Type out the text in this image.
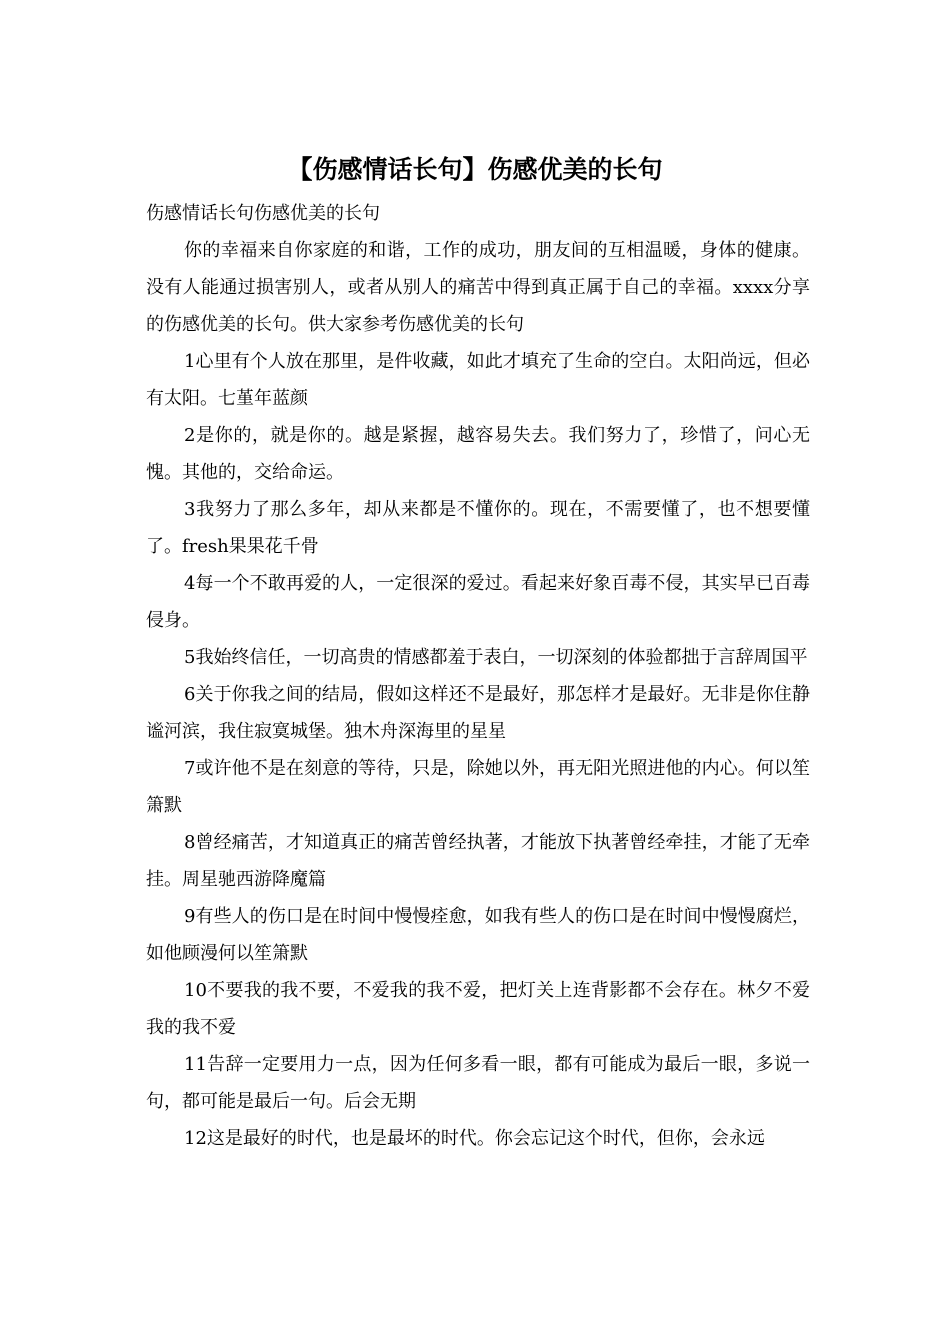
【伤感情话长句】伤感优美的长句

伤感情话长句伤感优美的长句

你的幸福来自你家庭的和谐，工作的成功，朋友间的互相温暖，身体的健康。没有人能通过损害别人，或者从别人的痛苦中得到真正属于自己的幸福。xxxx分享的伤感优美的长句。供大家参考伤感优美的长句

1心里有个人放在那里，是件收藏，如此才填充了生命的空白。太阳尚远，但必有太阳。七堇年蓝颜

2是你的，就是你的。越是紧握，越容易失去。我们努力了，珍惜了，问心无愧。其他的，交给命运。

3我努力了那么多年，却从来都是不懂你的。现在，不需要懂了，也不想要懂了。fresh果果花千骨

4每一个不敢再爱的人，一定很深的爱过。看起来好象百毒不侵，其实早已百毒侵身。

5我始终信任，一切高贵的情感都羞于表白，一切深刻的体验都拙于言辞周国平

6关于你我之间的结局，假如这样还不是最好，那怎样才是最好。无非是你住静谧河滨，我住寂寞城堡。独木舟深海里的星星

7或许他不是在刻意的等待，只是，除她以外，再无阳光照进他的内心。何以笙箫默

8曾经痛苦，才知道真正的痛苦曾经执著，才能放下执著曾经牵挂，才能了无牵挂。周星驰西游降魔篇

9有些人的伤口是在时间中慢慢痊愈，如我有些人的伤口是在时间中慢慢腐烂，如他顾漫何以笙箫默

10不要我的我不要，不爱我的我不爱，把灯关上连背影都不会存在。林夕不爱我的我不爱

11告辞一定要用力一点，因为任何多看一眼，都有可能成为最后一眼，多说一句，都可能是最后一句。后会无期

12这是最好的时代，也是最坏的时代。你会忘记这个时代，但你，会永远
